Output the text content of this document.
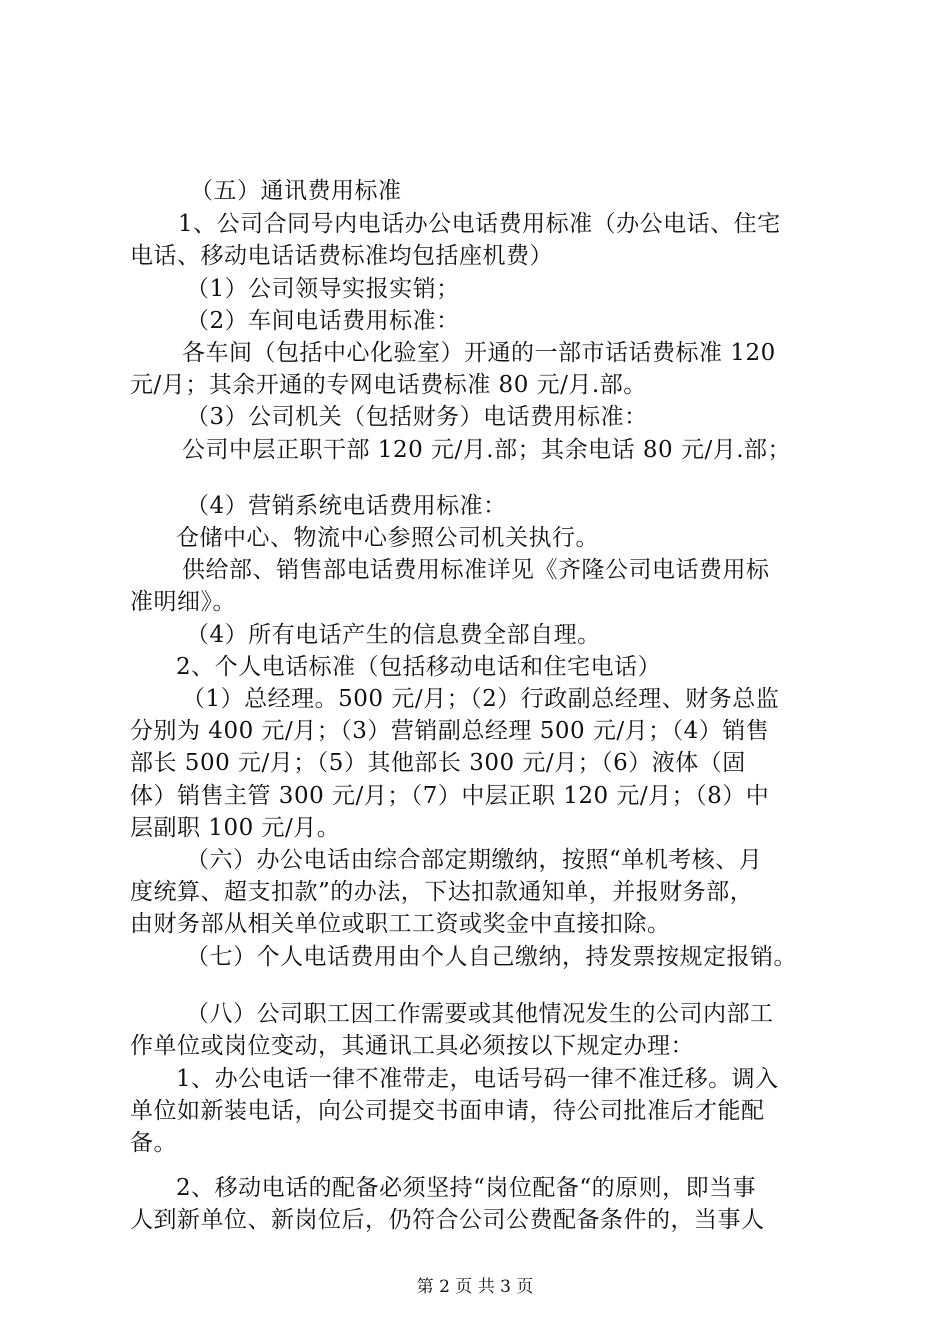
（五）通讯费用标准
1、公司合同号内电话办公电话费用标准（办公电话、住宅
电话、移动电话话费标准均包括座机费）
（1）公司领导实报实销；
（2）车间电话费用标准：
各车间（包括中心化验室）开通的一部市话话费标准 120
元/月；其余开通的专网电话费标准 80 元/月.部。
（3）公司机关（包括财务）电话费用标准：
公司中层正职干部 120 元/月.部；其余电话 80 元/月.部；
（4）营销系统电话费用标准：
仓储中心、物流中心参照公司机关执行。
供给部、销售部电话费用标准详见《齐隆公司电话费用标
准明细》。
（4）所有电话产生的信息费全部自理。
2、个人电话标准（包括移动电话和住宅电话）
（1）总经理。500 元/月；（2）行政副总经理、财务总监
分别为 400 元/月；（3）营销副总经理 500 元/月；（4）销售
部长 500 元/月；（5）其他部长 300 元/月；（6）液体（固
体）销售主管 300 元/月；（7）中层正职 120 元/月；（8）中
层副职 100 元/月。
（六）办公电话由综合部定期缴纳，按照“单机考核、月
度统算、超支扣款”的办法，下达扣款通知单，并报财务部，
由财务部从相关单位或职工工资或奖金中直接扣除。
（七）个人电话费用由个人自己缴纳，持发票按规定报销。
（八）公司职工因工作需要或其他情况发生的公司内部工
作单位或岗位变动，其通讯工具必须按以下规定办理：
1、办公电话一律不准带走，电话号码一律不准迁移。调入
单位如新装电话，向公司提交书面申请，待公司批准后才能配
备。
2、移动电话的配备必须坚持“岗位配备“的原则，即当事
人到新单位、新岗位后，仍符合公司公费配备条件的，当事人
第 2 页 共 3 页
